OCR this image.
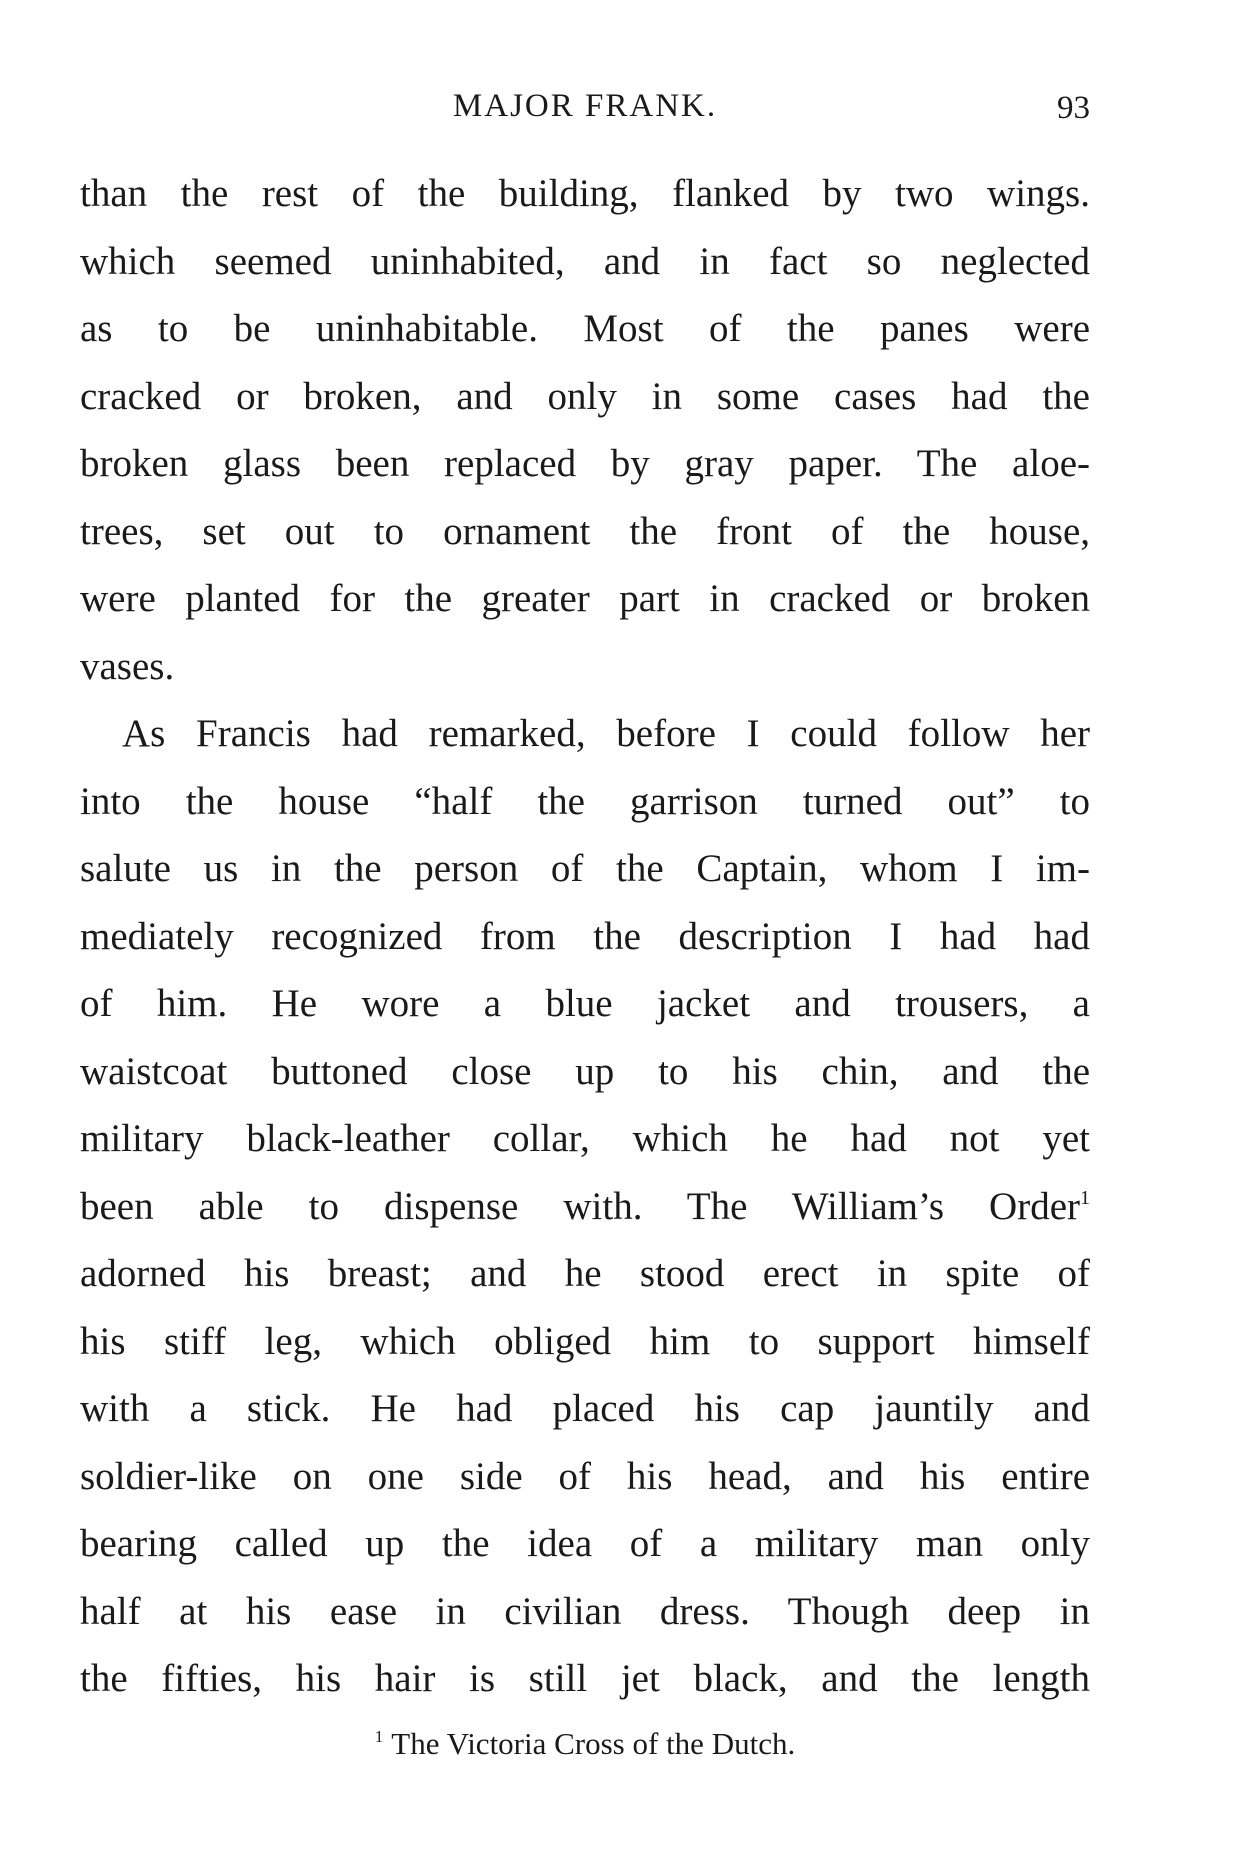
MAJOR FRANK.	93
than the rest of the building, flanked by two wings.
which seemed uninhabited, and in fact so neglected
as to be uninhabitable. Most of the panes were
cracked or broken, and only in some cases had the
broken glass been replaced by gray paper. The aloe-
trees, set out to ornament the front of the house,
were planted for the greater part in cracked or broken
vases.
As Francis had remarked, before I could follow her
into the house “half the garrison turned out” to
salute us in the person of the Captain, whom I im-
mediately recognized from the description I had had
of him. He wore a blue jacket and trousers, a
waistcoat buttoned close up to his chin, and the
military black-leather collar, which he had not yet
been able to dispense with. The William’s Order$^1$
adorned his breast; and he stood erect in spite of
his stiff leg, which obliged him to support himself
with a stick. He had placed his cap jauntily and
soldier-like on one side of his head, and his entire
bearing called up the idea of a military man only
half at his ease in civilian dress. Though deep in
the fifties, his hair is still jet black, and the length
$^1$ The Victoria Cross of the Dutch.
